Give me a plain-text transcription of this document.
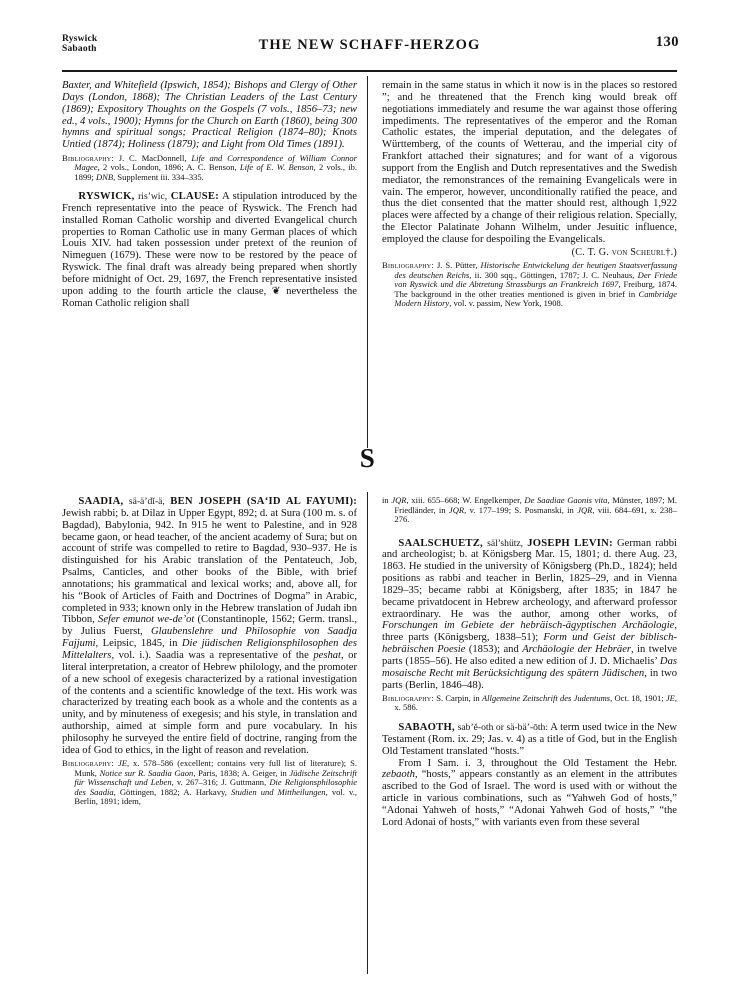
Ryswick
Sabaoth	THE NEW SCHAFF-HERZOG	130
S

Baxter, and Whitefield (Ipswich, 1854); Bishops and Clergy of Other Days (London, 1868); The Christian Leaders of the Last Century (1869); Expository Thoughts on the Gospels (7 vols., 1856–73; new ed., 4 vols., 1900); Hymns for the Church on Earth (1860), being 300 hymns and spiritual songs; Practical Religion (1874–80); Knots Untied (1874); Holiness (1879); and Light from Old Times (1891).

Bibliography: J. C. MacDonnell, Life and Correspondence of William Connor Magee, 2 vols., London, 1896; A. C. Benson, Life of E. W. Benson, 2 vols., ib. 1899; DNB, Supplement iii. 334–335.

RYSWICK, ris’wic, CLAUSE: A stipulation introduced by the French representative into the peace of Ryswick. The French had installed Roman Catholic worship and diverted Evangelical church properties to Roman Catholic use in many German places of which Louis XIV. had taken possession under pretext of the reunion of Nimeguen (1679). These were now to be restored by the peace of Ryswick. The final draft was already being prepared when shortly before midnight of Oct. 29, 1697, the French representative insisted upon adding to the fourth article the clause, ❦ nevertheless the Roman Catholic religion shall

remain in the same status in which it now is in the places so restored ”; and he threatened that the French king would break off negotiations immediately and resume the war against those offering impediments. The representatives of the emperor and the Roman Catholic estates, the imperial deputation, and the delegates of Württemberg, of the counts of Wetterau, and the imperial city of Frankfort attached their signatures; and for want of a vigorous support from the English and Dutch representatives and the Swedish mediator, the remonstrances of the remaining Evangelicals were in vain. The emperor, however, unconditionally ratified the peace, and thus the diet consented that the matter should rest, although 1,922 places were affected by a change of their religious relation. Specially, the Elector Palatinate Johann Wilhelm, under Jesuitic influence, employed the clause for despoiling the Evangelicals.

(C. T. G. von Scheurl†.)

Bibliography: J. S. Pütter, Historische Entwickelung der heutigen Staatsverfassung des deutschen Reichs, ii. 300 sqq., Göttingen, 1787; J. C. Neuhaus, Der Friede von Ryswick und die Abtretung Strassburgs an Frankreich 1697, Freiburg, 1874. The background in the other treaties mentioned is given in brief in Cambridge Modern History, vol. v. passim, New York, 1908.

SAADIA, sä-ä’dĭ-ä, BEN JOSEPH (SA‘ID AL FAYUMI): Jewish rabbi; b. at Dilaz in Upper Egypt, 892; d. at Sura (100 m. s. of Bagdad), Babylonia, 942. In 915 he went to Palestine, and in 928 became gaon, or head teacher, of the ancient academy of Sura; but on account of strife was compelled to retire to Bagdad, 930–937. He is distinguished for his Arabic translation of the Pentateuch, Job, Psalms, Canticles, and other books of the Bible, with brief annotations; his grammatical and lexical works; and, above all, for his “Book of Articles of Faith and Doctrines of Dogma” in Arabic, completed in 933; known only in the Hebrew translation of Judah ibn Tibbon, Sefer emunot we-de’ot (Constantinople, 1562; Germ. transl., by Julius Fuerst, Glaubenslehre und Philosophie von Saadja Fajjumi, Leipsic, 1845, in Die jüdischen Religionsphilosophen des Mittelalters, vol. i.). Saadia was a representative of the peshat, or literal interpretation, a creator of Hebrew philology, and the promoter of a new school of exegesis characterized by a rational investigation of the contents and a scientific knowledge of the text. His work was characterized by treating each book as a whole and the contents as a unity, and by minuteness of exegesis; and his style, in translation and authorship, aimed at simple form and pure vocabulary. In his philosophy he surveyed the entire field of doctrine, ranging from the idea of God to ethics, in the light of reason and revelation.

Bibliography: JE, x. 578–586 (excellent; contains very full list of literature); S. Munk, Notice sur R. Saadia Gaon, Paris, 1838; A. Geiger, in Jüdische Zeitschrift für Wissenschaft und Leben, v. 267–316; J. Guttmann, Die Religionsphilosophie des Saadia, Göttingen, 1882; A. Harkavy, Studien und Mittheilungen, vol. v., Berlin, 1891; idem,
in JQR, xiii. 655–668; W. Engelkemper, De Saadiae Gaonis vita, Münster, 1897; M. Friedländer, in JQR, v. 177–199; S. Posmanski, in JQR, viii. 684–691, x. 238–276.

SAALSCHUETZ, säl’shütz, JOSEPH LEVIN: German rabbi and archeologist; b. at Königsberg Mar. 15, 1801; d. there Aug. 23, 1863. He studied in the university of Königsberg (Ph.D., 1824); held positions as rabbi and teacher in Berlin, 1825–29, and in Vienna 1829–35; became rabbi at Königsberg, after 1835; in 1847 he became privatdocent in Hebrew archeology, and afterward professor extraordinary. He was the author, among other works, of Forschungen im Gebiete der hebräisch-ägyptischen Archäologie, three parts (Königsberg, 1838–51); Form und Geist der biblisch-hebräischen Poesie (1853); and Archäologie der Hebräer, in twelve parts (1855–56). He also edited a new edition of J. D. Michaelis’ Das mosaische Recht mit Berücksichtigung des spätern Jüdischen, in two parts (Berlin, 1846–48).

Bibliography: S. Carpin, in Allgemeine Zeitschrift des Judentums, Oct. 18, 1901; JE, x. 586.

SABAOTH, sab’ĕ-oth or sä-bä’-ōth: A term used twice in the New Testament (Rom. ix. 29; Jas. v. 4) as a title of God, but in the English Old Testament translated “hosts.”

From I Sam. i. 3, throughout the Old Testament the Hebr. zebaoth, “hosts,” appears constantly as an element in the attributes ascribed to the God of Israel. The word is used with or without the article in various combinations, such as “Yahweh God of hosts,” “Adonai Yahweh of hosts,” “Adonai Yahweh God of hosts,” “the Lord Adonai of hosts,” with variants even from these several
